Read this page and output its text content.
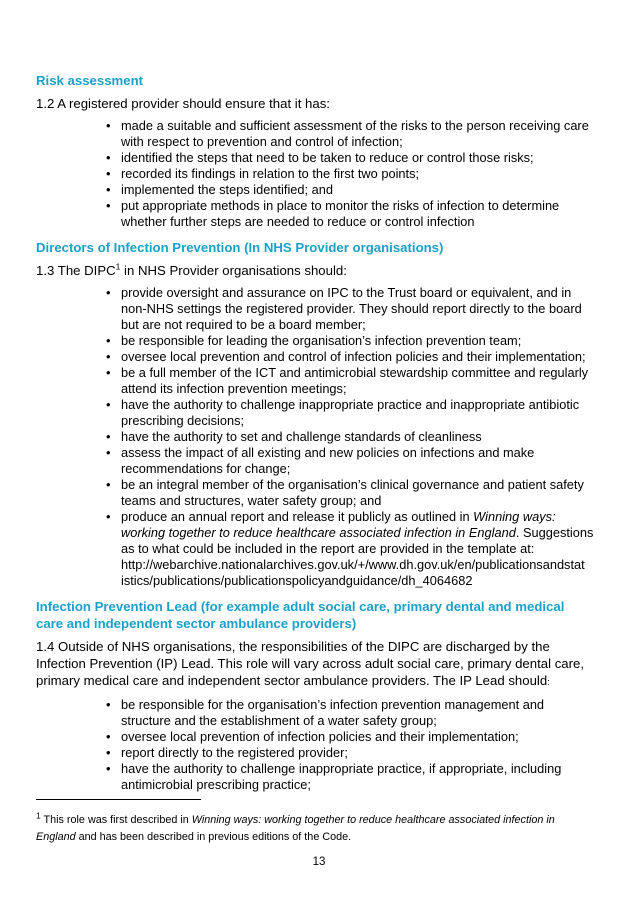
Risk assessment

1.2 A registered provider should ensure that it has:

• made a suitable and sufficient assessment of the risks to the person receiving care with respect to prevention and control of infection;
• identified the steps that need to be taken to reduce or control those risks;
• recorded its findings in relation to the first two points;
• implemented the steps identified; and
• put appropriate methods in place to monitor the risks of infection to determine whether further steps are needed to reduce or control infection
Directors of Infection Prevention (In NHS Provider organisations)

1.3 The DIPC$^1$ in NHS Provider organisations should:

• provide oversight and assurance on IPC to the Trust board or equivalent, and in non-NHS settings the registered provider. They should report directly to the board but are not required to be a board member;
• be responsible for leading the organisation’s infection prevention team;
• oversee local prevention and control of infection policies and their implementation;
• be a full member of the ICT and antimicrobial stewardship committee and regularly attend its infection prevention meetings;
• have the authority to challenge inappropriate practice and inappropriate antibiotic prescribing decisions;
• have the authority to set and challenge standards of cleanliness
• assess the impact of all existing and new policies on infections and make recommendations for change;
• be an integral member of the organisation’s clinical governance and patient safety teams and structures, water safety group; and
• produce an annual report and release it publicly as outlined in Winning ways: working together to reduce healthcare associated infection in England. Suggestions as to what could be included in the report are provided in the template at:
http://webarchive.nationalarchives.gov.uk/+/www.dh.gov.uk/en/publicationsandstat
istics/publications/publicationspolicyandguidance/dh_4064682
Infection Prevention Lead (for example adult social care, primary dental and medical care and independent sector ambulance providers)

1.4 Outside of NHS organisations, the responsibilities of the DIPC are discharged by the Infection Prevention (IP) Lead. This role will vary across adult social care, primary dental care, primary medical care and independent sector ambulance providers. The IP Lead should:

• be responsible for the organisation’s infection prevention management and structure and the establishment of a water safety group;
• oversee local prevention of infection policies and their implementation;
• report directly to the registered provider;
• have the authority to challenge inappropriate practice, if appropriate, including antimicrobial prescribing practice;
$^1$ This role was first described in Winning ways: working together to reduce healthcare associated infection in England and has been described in previous editions of the Code.
13
